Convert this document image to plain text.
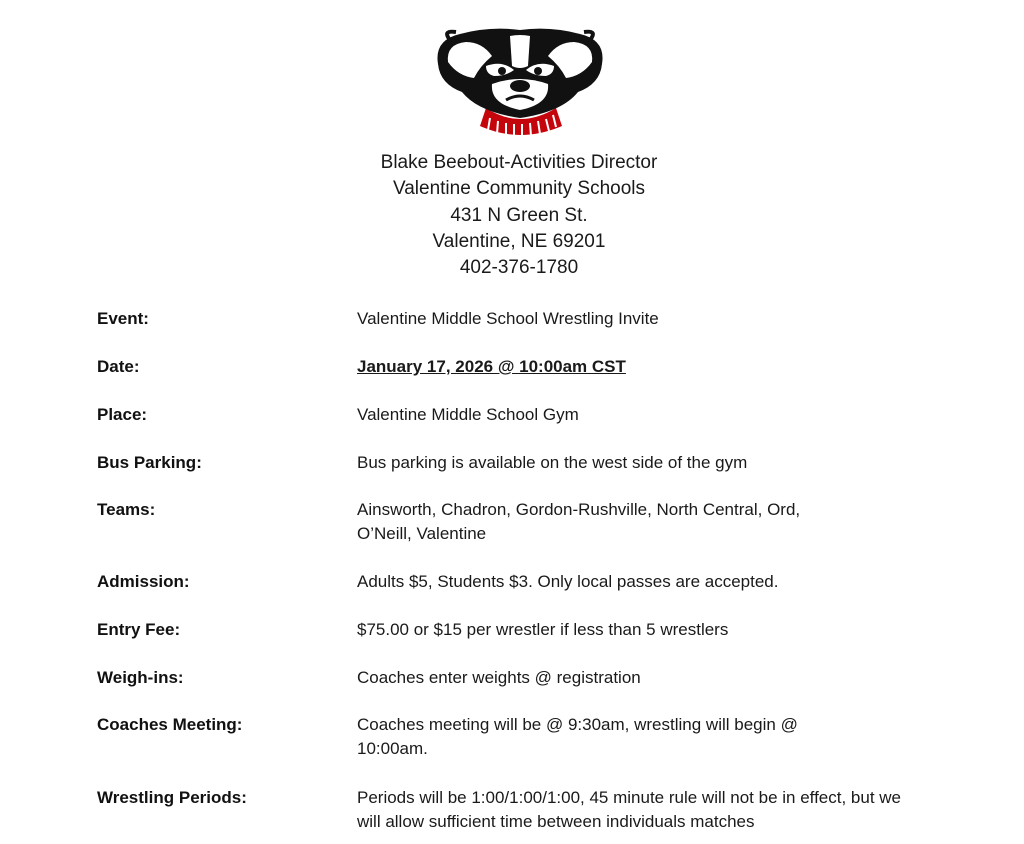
Blake Beebout-Activities Director
Valentine Community Schools
431 N Green St.
Valentine, NE 69201
402-376-1780
Event:	Valentine Middle School Wrestling Invite
Date:	January 17, 2026 @ 10:00am CST
Place:	Valentine Middle School Gym
Bus Parking:	Bus parking is available on the west side of the gym
Teams:	Ainsworth, Chadron, Gordon-Rushville, North Central, Ord, O’Neill, Valentine
Admission:	Adults $5, Students $3. Only local passes are accepted.
Entry Fee:	$75.00 or $15 per wrestler if less than 5 wrestlers
Weigh-ins:	Coaches enter weights @ registration
Coaches Meeting:	Coaches meeting will be @ 9:30am, wrestling will begin @ 10:00am.
Wrestling Periods:	Periods will be 1:00/1:00/1:00, 45 minute rule will not be in effect, but we will allow sufficient time between individuals matches
